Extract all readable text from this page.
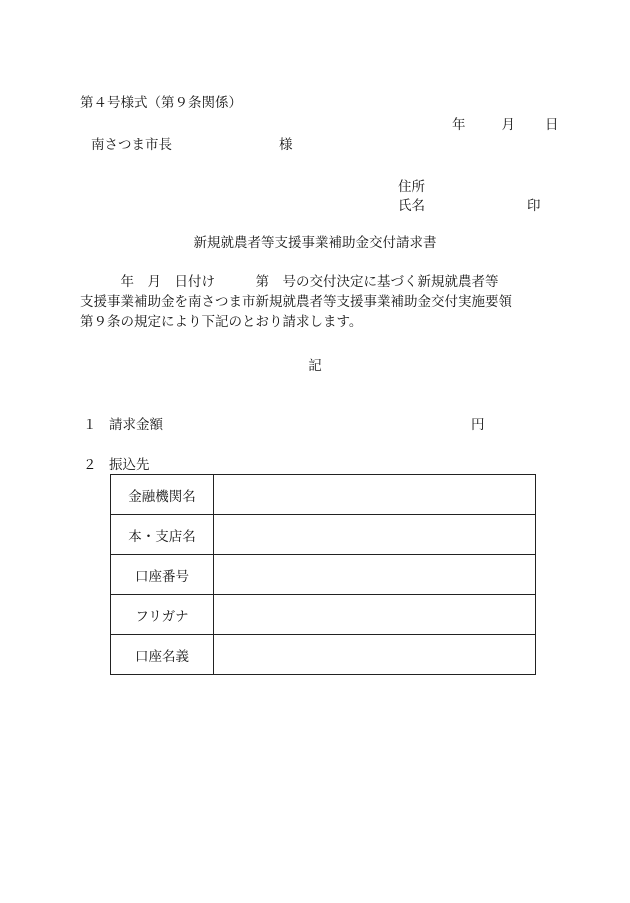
第４号様式（第９条関係）
年	月 日
南さつま市長	様
住所
氏名	印
新規就農者等支援事業補助金交付請求書
　　　年　月　日付け　　　第　号の交付決定に基づく新規就農者等
支援事業補助金を南さつま市新規就農者等支援事業補助金交付実施要領
第９条の規定により下記のとおり請求します。
記
１ 請求金額	円
２ 振込先
金融機関名	
本・支店名	
口座番号	
フリガナ	
口座名義	
